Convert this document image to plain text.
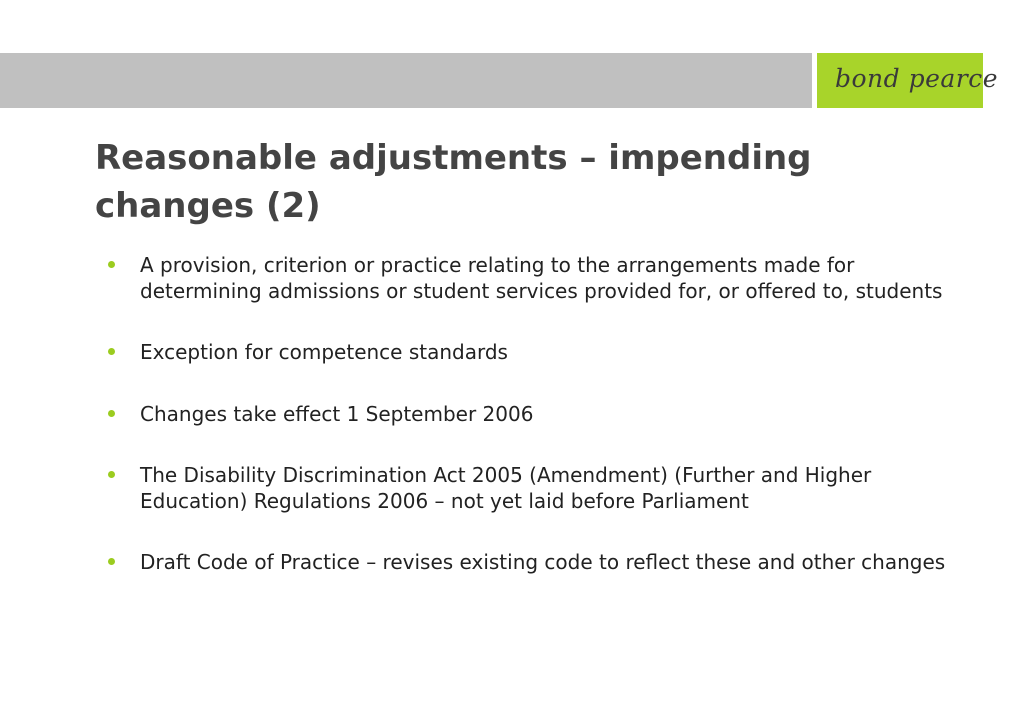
bond pearce
Reasonable adjustments – impending changes (2)
A provision, criterion or practice relating to the arrangements made for determining admissions or student services provided for, or offered to, students
Exception for competence standards
Changes take effect 1 September 2006
The Disability Discrimination Act 2005 (Amendment) (Further and Higher Education) Regulations 2006 – not yet laid before Parliament
Draft Code of Practice – revises existing code to reflect these and other changes
